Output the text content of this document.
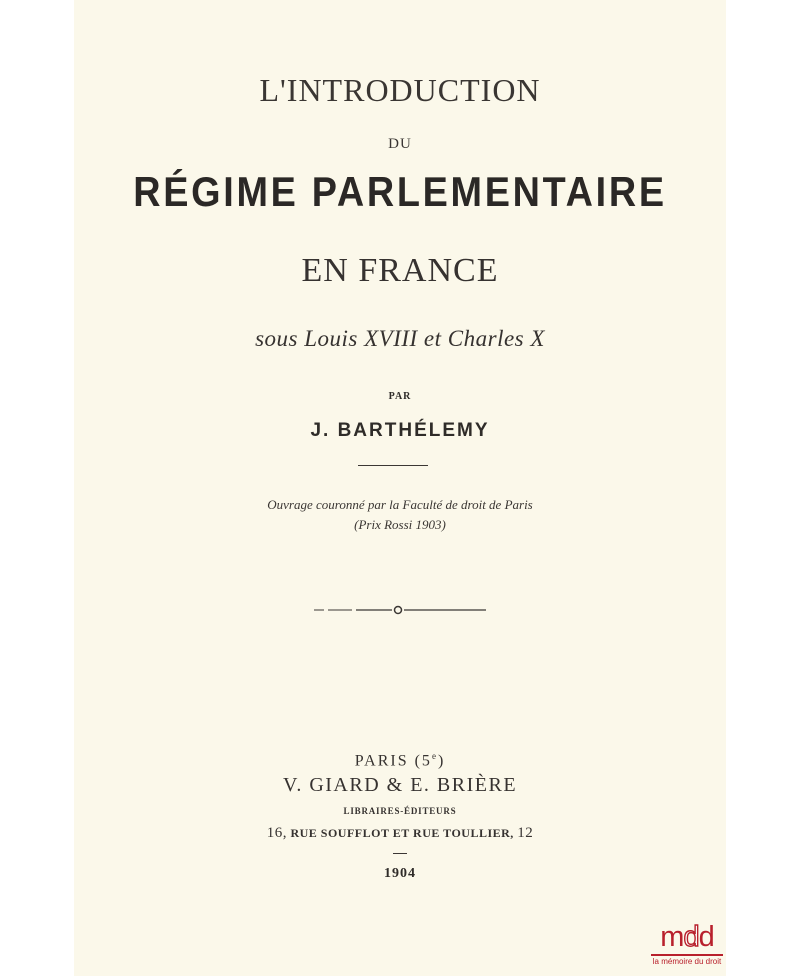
L'INTRODUCTION
DU
RÉGIME PARLEMENTAIRE
EN FRANCE
sous Louis XVIII et Charles X
PAR
J. BARTHÉLEMY
Ouvrage couronné par la Faculté de droit de Paris
(Prix Rossi 1903)
PARIS (5e)
V. GIARD & E. BRIÈRE
LIBRAIRES-ÉDITEURS
16, RUE SOUFFLOT ET RUE TOULLIER, 12
1904
mdd
la mémoire du droit
